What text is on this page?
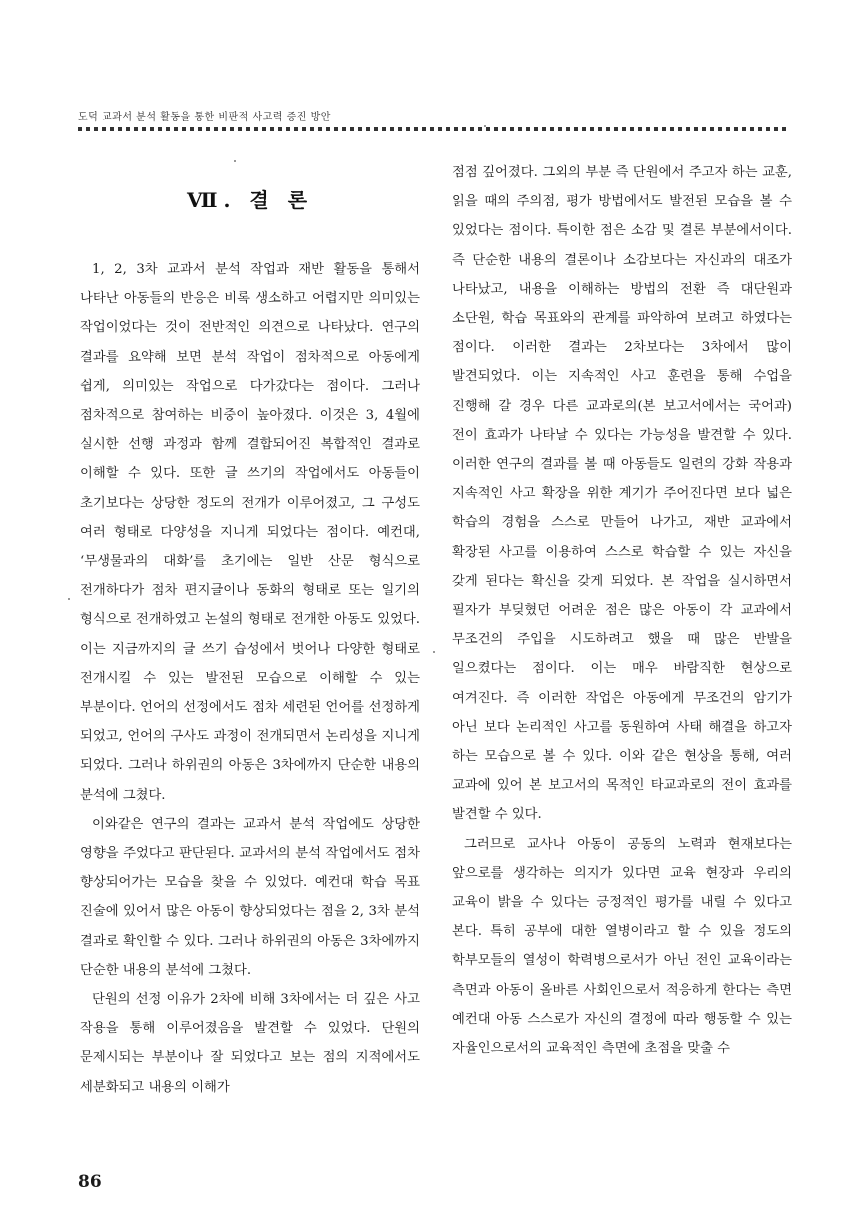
도덕 교과서 분석 활동을 통한 비판적 사고력 증진 방안
Ⅶ. 결 론

1, 2, 3차 교과서 분석 작업과 재반 활동을 통해서 나타난 아동들의 반응은 비록 생소하고 어렵지만 의미있는 작업이었다는 것이 전반적인 의견으로 나타났다. 연구의 결과를 요약해 보면 분석 작업이 점차적으로 아동에게 쉽게, 의미있는 작업으로 다가갔다는 점이다. 그러나 점차적으로 참여하는 비중이 높아졌다. 이것은 3, 4월에 실시한 선행 과정과 함께 결합되어진 복합적인 결과로 이해할 수 있다. 또한 글 쓰기의 작업에서도 아동들이 초기보다는 상당한 정도의 전개가 이루어졌고, 그 구성도 여러 형태로 다양성을 지니게 되었다는 점이다. 예컨대, ‘무생물과의 대화’를 초기에는 일반 산문 형식으로 전개하다가 점차 편지글이나 동화의 형태로 또는 일기의 형식으로 전개하였고 논설의 형태로 전개한 아동도 있었다. 이는 지금까지의 글 쓰기 습성에서 벗어나 다양한 형태로 전개시킬 수 있는 발전된 모습으로 이해할 수 있는 부분이다. 언어의 선정에서도 점차 세련된 언어를 선정하게 되었고, 언어의 구사도 과정이 전개되면서 논리성을 지니게 되었다. 그러나 하위권의 아동은 3차에까지 단순한 내용의 분석에 그쳤다.

이와같은 연구의 결과는 교과서 분석 작업에도 상당한 영향을 주었다고 판단된다. 교과서의 분석 작업에서도 점차 향상되어가는 모습을 찾을 수 있었다. 예컨대 학습 목표 진술에 있어서 많은 아동이 향상되었다는 점을 2, 3차 분석 결과로 확인할 수 있다. 그러나 하위권의 아동은 3차에까지 단순한 내용의 분석에 그쳤다.

단원의 선정 이유가 2차에 비해 3차에서는 더 깊은 사고 작용을 통해 이루어졌음을 발견할 수 있었다. 단원의 문제시되는 부분이나 잘 되었다고 보는 점의 지적에서도 세분화되고 내용의 이해가

점점 깊어졌다. 그외의 부분 즉 단원에서 주고자 하는 교훈, 읽을 때의 주의점, 평가 방법에서도 발전된 모습을 볼 수 있었다는 점이다. 특이한 점은 소감 및 결론 부분에서이다. 즉 단순한 내용의 결론이나 소감보다는 자신과의 대조가 나타났고, 내용을 이해하는 방법의 전환 즉 대단원과 소단원, 학습 목표와의 관계를 파악하여 보려고 하였다는 점이다. 이러한 결과는 2차보다는 3차에서 많이 발견되었다. 이는 지속적인 사고 훈련을 통해 수업을 진행해 갈 경우 다른 교과로의(본 보고서에서는 국어과) 전이 효과가 나타날 수 있다는 가능성을 발견할 수 있다. 이러한 연구의 결과를 볼 때 아동들도 일련의 강화 작용과 지속적인 사고 확장을 위한 계기가 주어진다면 보다 넓은 학습의 경험을 스스로 만들어 나가고, 재반 교과에서 확장된 사고를 이용하여 스스로 학습할 수 있는 자신을 갖게 된다는 확신을 갖게 되었다. 본 작업을 실시하면서 필자가 부딪혔던 어려운 점은 많은 아동이 각 교과에서 무조건의 주입을 시도하려고 했을 때 많은 반발을 일으켰다는 점이다. 이는 매우 바람직한 현상으로 여겨진다. 즉 이러한 작업은 아동에게 무조건의 암기가 아닌 보다 논리적인 사고를 동원하여 사태 해결을 하고자 하는 모습으로 볼 수 있다. 이와 같은 현상을 통해, 여러 교과에 있어 본 보고서의 목적인 타교과로의 전이 효과를 발견할 수 있다.

그러므로 교사나 아동이 공동의 노력과 현재보다는 앞으로를 생각하는 의지가 있다면 교육 현장과 우리의 교육이 밝을 수 있다는 긍정적인 평가를 내릴 수 있다고 본다. 특히 공부에 대한 열병이라고 할 수 있을 정도의 학부모들의 열성이 학력병으로서가 아닌 전인 교육이라는 측면과 아동이 올바른 사회인으로서 적응하게 한다는 측면 예컨대 아동 스스로가 자신의 결정에 따라 행동할 수 있는 자율인으로서의 교육적인 측면에 초점을 맞출 수

86
